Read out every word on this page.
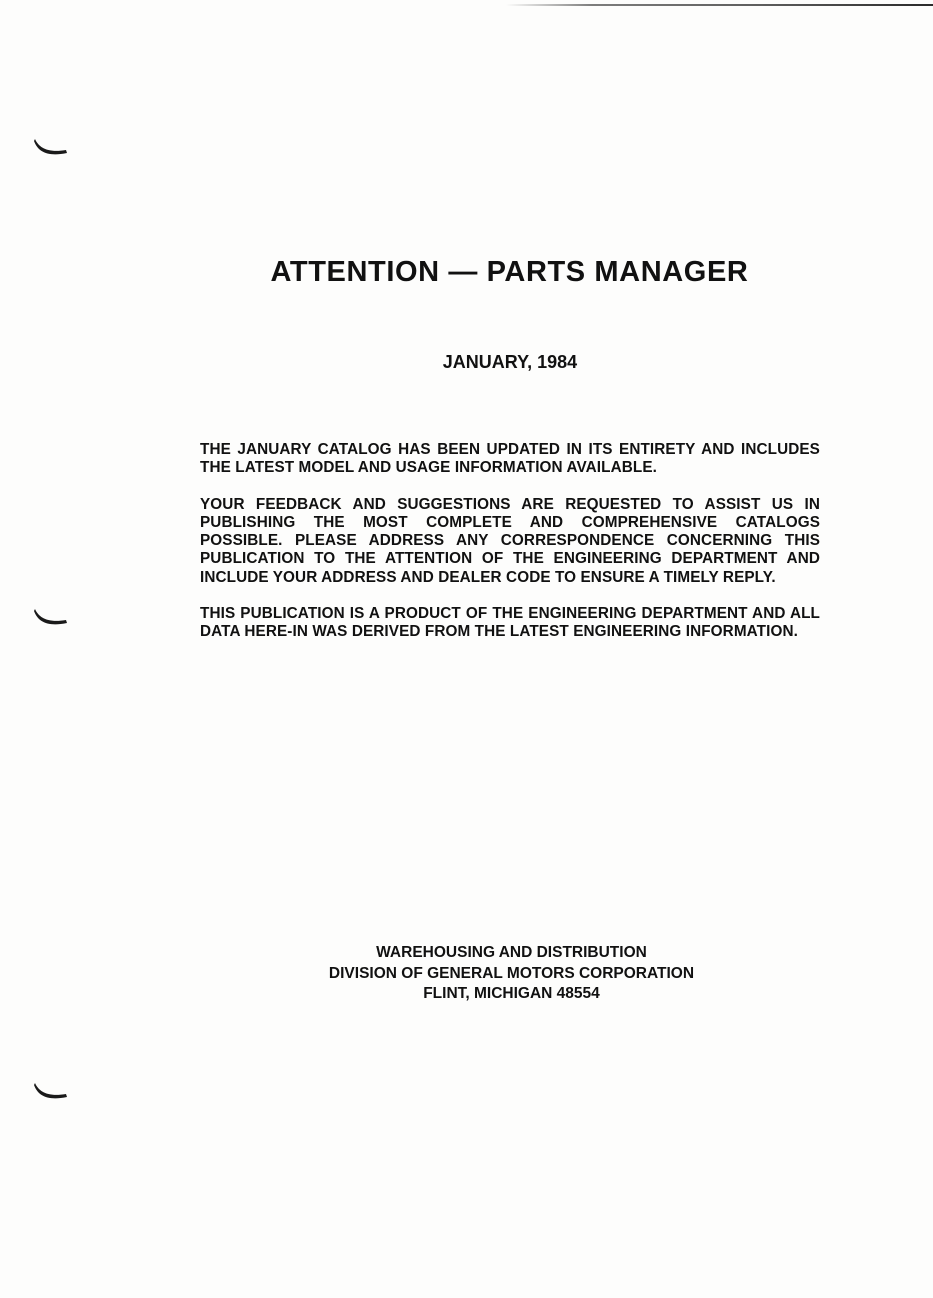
ATTENTION — PARTS MANAGER
JANUARY, 1984

THE JANUARY CATALOG HAS BEEN UPDATED IN ITS ENTIRETY AND INCLUDES THE LATEST MODEL AND USAGE INFORMATION AVAILABLE.

YOUR FEEDBACK AND SUGGESTIONS ARE REQUESTED TO ASSIST US IN PUBLISHING THE MOST COMPLETE AND COMPREHENSIVE CATALOGS POSSIBLE. PLEASE ADDRESS ANY CORRESPONDENCE CONCERNING THIS PUBLICATION TO THE ATTENTION OF THE ENGINEERING DEPARTMENT AND INCLUDE YOUR ADDRESS AND DEALER CODE TO ENSURE A TIMELY REPLY.

THIS PUBLICATION IS A PRODUCT OF THE ENGINEERING DEPARTMENT AND ALL DATA HERE-IN WAS DERIVED FROM THE LATEST ENGINEERING INFORMATION.

WAREHOUSING AND DISTRIBUTION
DIVISION OF GENERAL MOTORS CORPORATION
FLINT, MICHIGAN 48554
